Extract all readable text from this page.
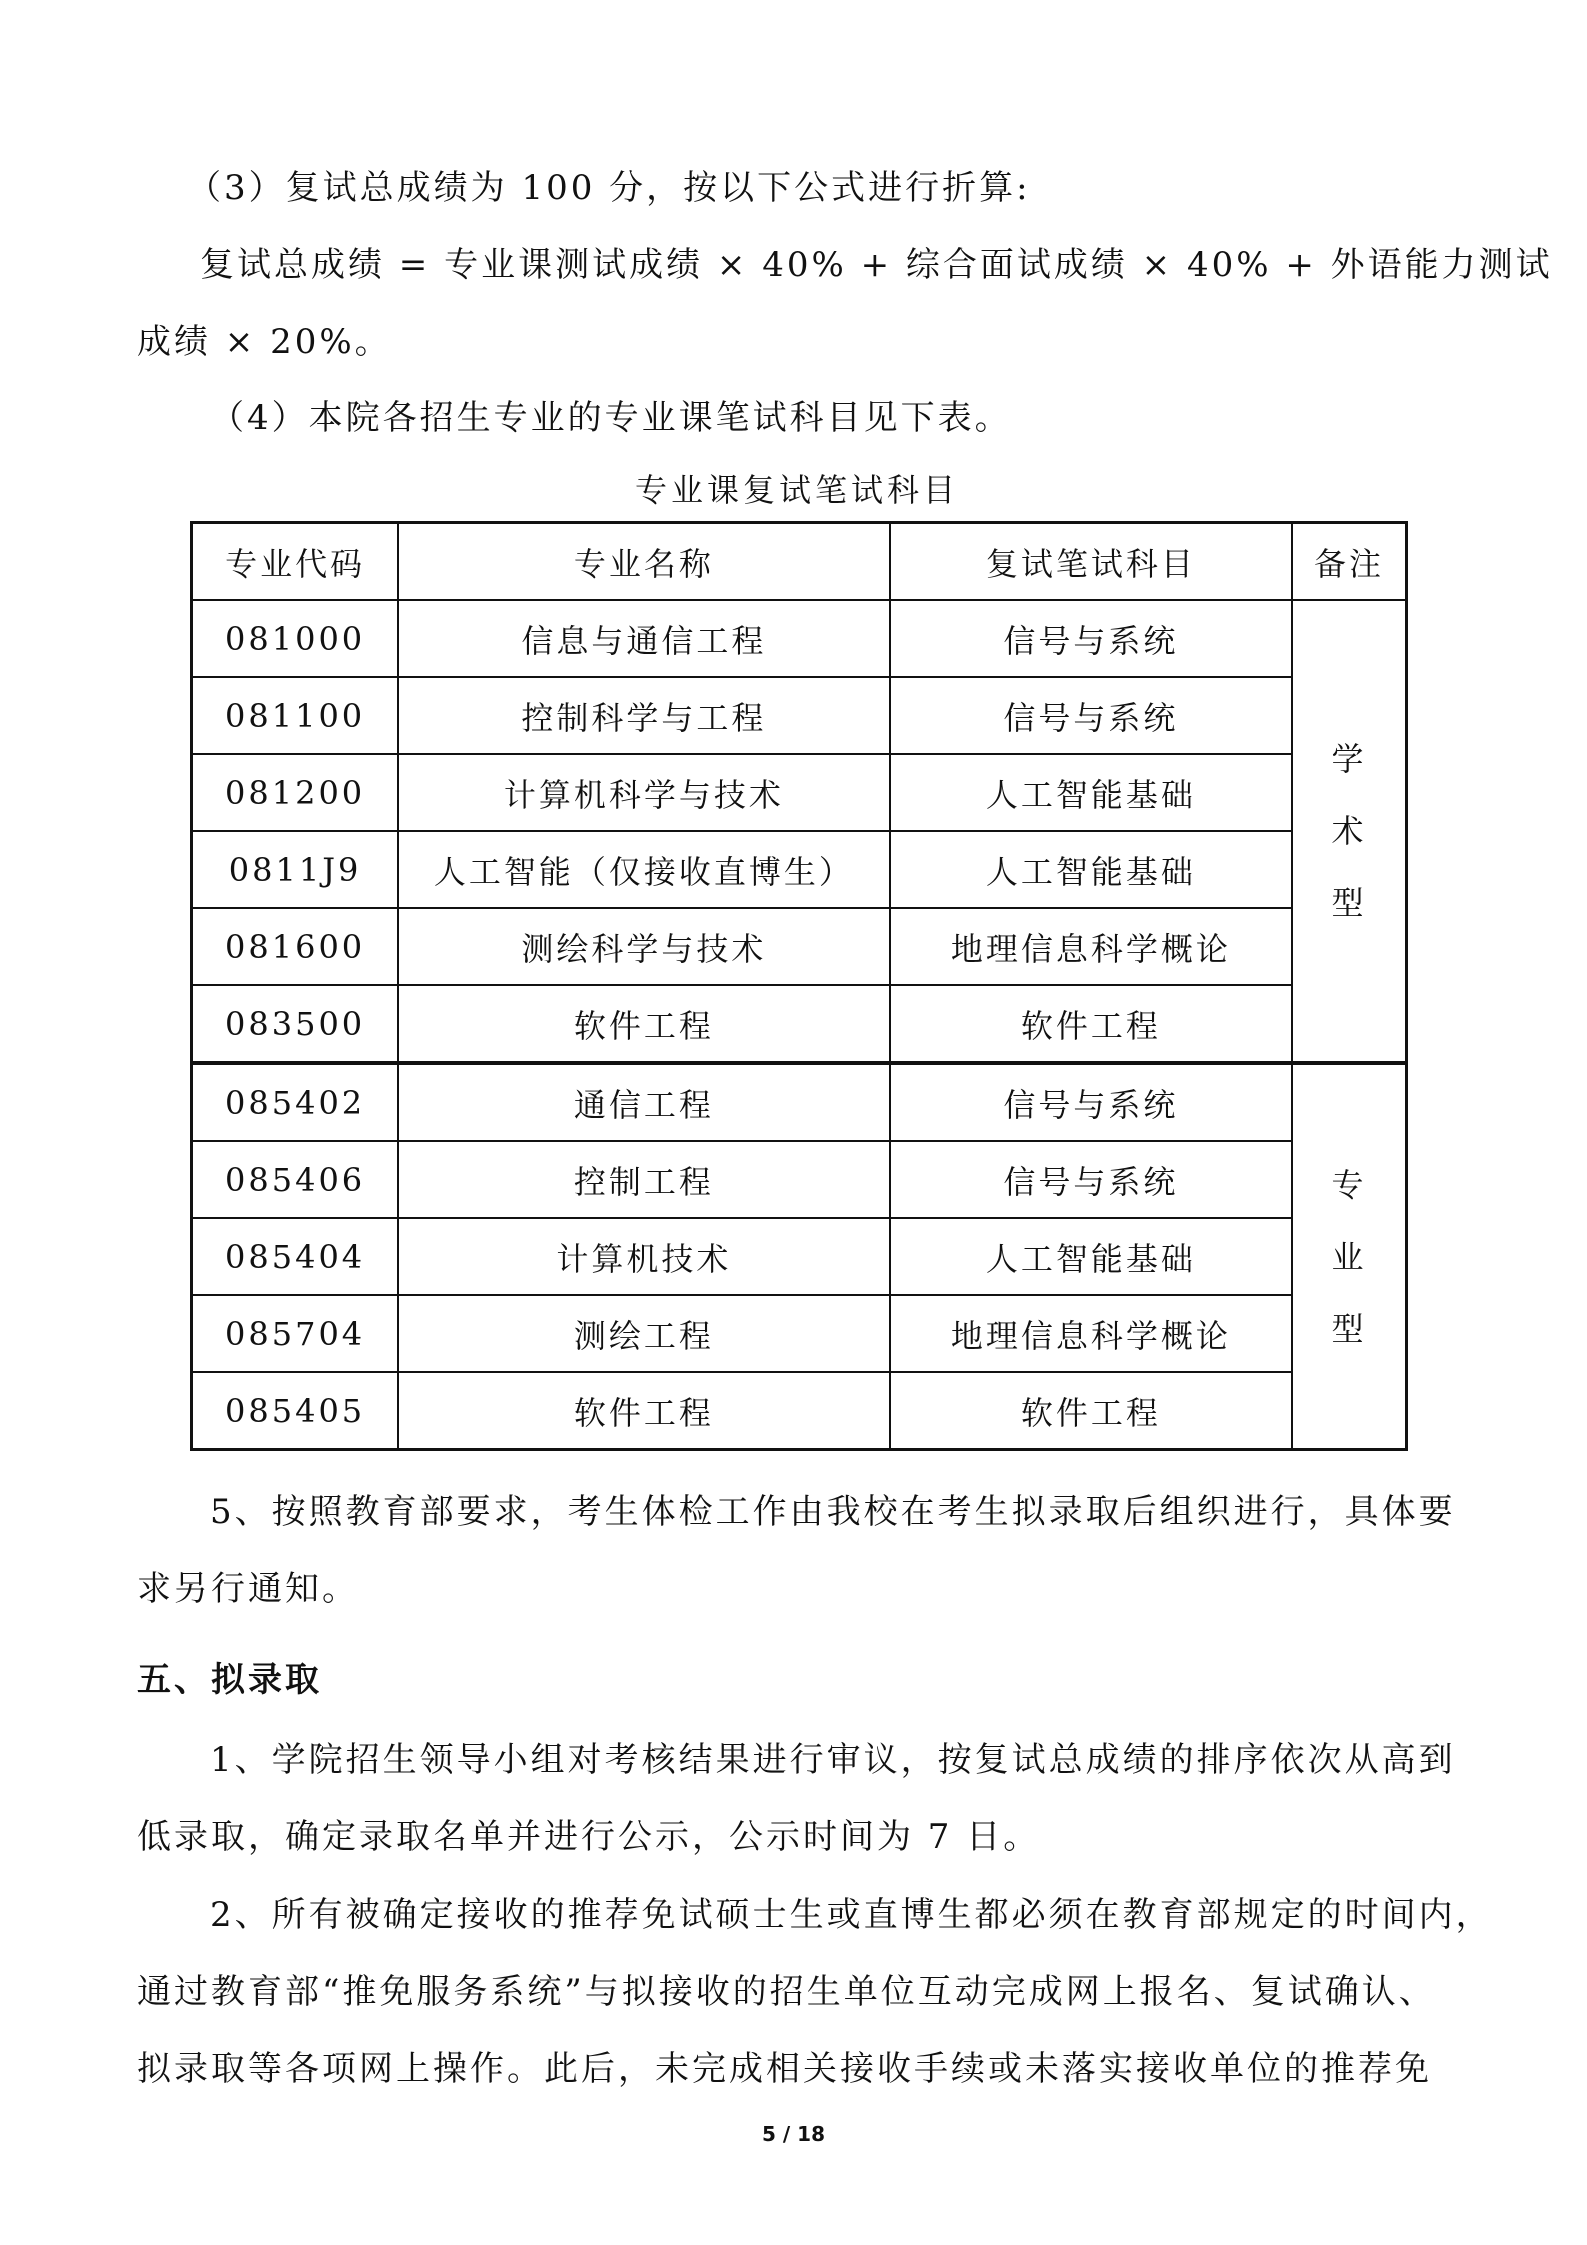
（3）复试总成绩为 100 分，按以下公式进行折算:
复试总成绩 = 专业课测试成绩 × 40% + 综合面试成绩 × 40% + 外语能力测试
成绩 × 20%。
（4）本院各招生专业的专业课笔试科目见下表。
专业课复试笔试科目
专业代码	专业名称	复试笔试科目	备注
081000	信息与通信工程	信号与系统	学
术
型

081100	控制科学与工程	信号与系统	
081200	计算机科学与技术	人工智能基础	
0811J9	人工智能（仅接收直博生）	人工智能基础	
081600	测绘科学与技术	地理信息科学概论	
083500	软件工程	软件工程	
085402	通信工程	信号与系统	专
业
型

085406	控制工程	信号与系统	
085404	计算机技术	人工智能基础	
085704	测绘工程	地理信息科学概论	
085405	软件工程	软件工程	
5、按照教育部要求，考生体检工作由我校在考生拟录取后组织进行，具体要
求另行通知。
五、拟录取
1、学院招生领导小组对考核结果进行审议，按复试总成绩的排序依次从高到
低录取，确定录取名单并进行公示，公示时间为 7 日。
2、所有被确定接收的推荐免试硕士生或直博生都必须在教育部规定的时间内，
通过教育部“推免服务系统”与拟接收的招生单位互动完成网上报名、复试确认、
拟录取等各项网上操作。此后，未完成相关接收手续或未落实接收单位的推荐免
5 / 18
